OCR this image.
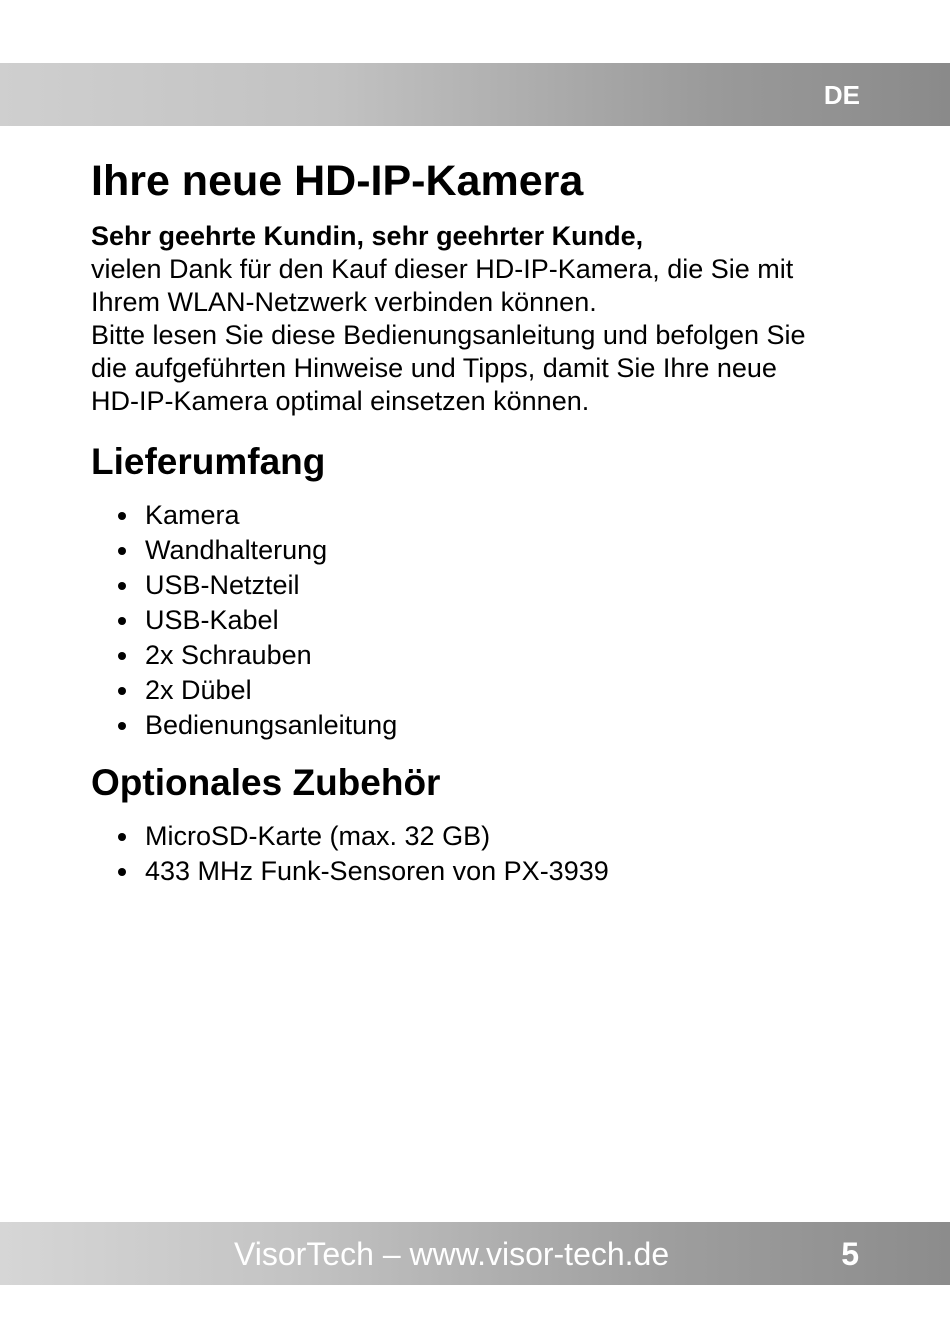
DE
Ihre neue HD-IP-Kamera

Sehr geehrte Kundin, sehr geehrter Kunde,

vielen Dank für den Kauf dieser HD-IP-Kamera, die Sie mit

Ihrem WLAN-Netzwerk verbinden können.

Bitte lesen Sie diese Bedienungsanleitung und befolgen Sie

die aufgeführten Hinweise und Tipps, damit Sie Ihre neue

HD-IP-Kamera optimal einsetzen können.

Lieferumfang
Kamera
Wandhalterung
USB-Netzteil
USB-Kabel
2x Schrauben
2x Dübel
Bedienungsanleitung
Optionales Zubehör
MicroSD-Karte (max. 32 GB)
433 MHz Funk-Sensoren von PX-3939
VisorTech – www.visor-tech.de	5
